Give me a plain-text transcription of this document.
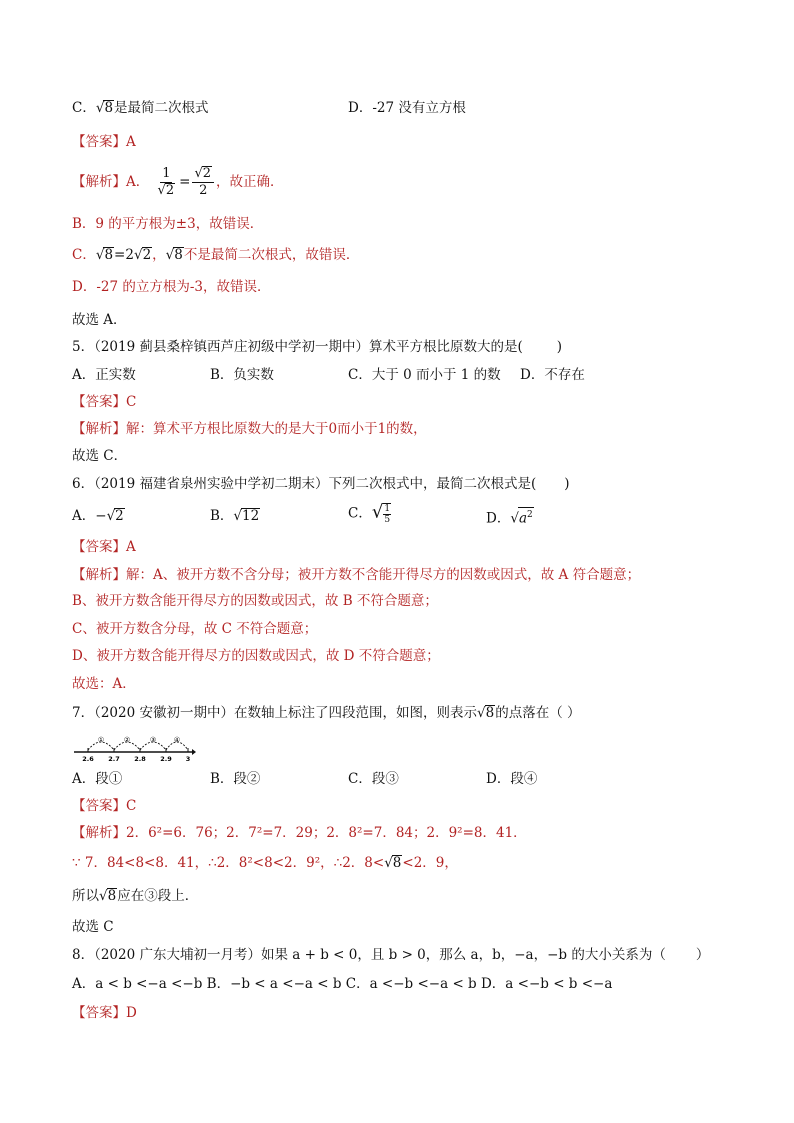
C．√8是最简二次根式	D．-27 没有立方根
【答案】A
【解析】A． $\frac{1}{√2} = \frac{√2}{2}$ ，故正确．
B．9 的平方根为±3，故错误．
C．√8=2√2，√8不是最简二次根式，故错误．
D．-27 的立方根为-3，故错误．
故选 A．
5．（2019 蓟县桑梓镇西芦庄初级中学初一期中）算术平方根比原数大的是(	)
A．正实数	B．负实数	C．大于 0 而小于 1 的数 D．不存在
【答案】C
【解析】解：算术平方根比原数大的是大于0而小于1的数，
故选 C．
6．（2019 福建省泉州实验中学初二期末）下列二次根式中，最简二次根式是( )
A．−√2	B．√12	C．√ $\frac{1}{5}$	D．$√a^2$
【答案】A
【解析】解：A、被开方数不含分母；被开方数不含能开得尽方的因数或因式，故 A 符合题意；
B、被开方数含能开得尽方的因数或因式，故 B 不符合题意；
C、被开方数含分母，故 C 不符合题意；
D、被开方数含能开得尽方的因数或因式，故 D 不符合题意；
故选：A．
7．（2020 安徽初一期中）在数轴上标注了四段范围，如图，则表示√8的点落在（ ）
①	②	③	④
2.6 2.7 2.8 2.9 3
A．段①	B．段②	C．段③	D．段④
【答案】C
【解析】2．6²=6．76；2．7²=7．29；2．8²=7．84；2．9²=8．41．
∵ 7．84<8<8．41，∴2．8²<8<2．9²，∴2．8<√8<2．9，
所以√8应在③段上．
故选 C
8．（2020 广东大埔初一月考）如果 a + b < 0，且 b > 0，那么 a，b，−a，−b 的大小关系为（ ）
A．a < b <−a <−b B．−b < a <−a < b C．a <−b <−a < b D．a <−b < b <−a
【答案】D
